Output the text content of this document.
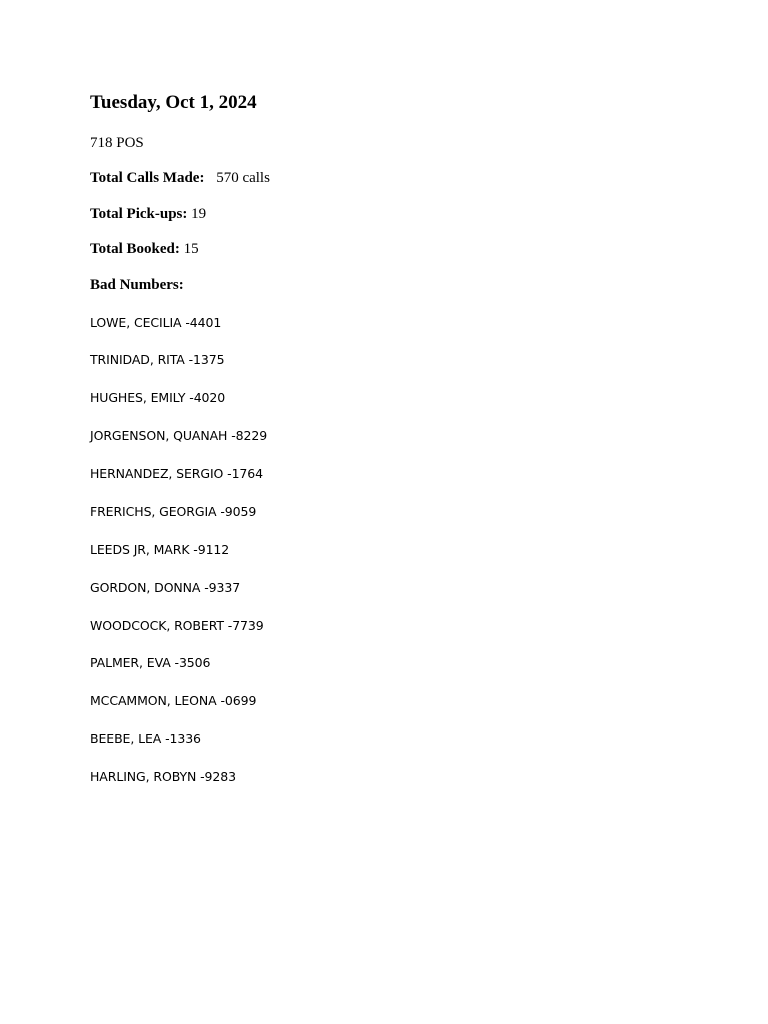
Tuesday, Oct 1, 2024
718 POS
Total Calls Made: 570 calls
Total Pick-ups: 19
Total Booked: 15
Bad Numbers:
LOWE, CECILIA -4401
TRINIDAD, RITA -1375
HUGHES, EMILY -4020
JORGENSON, QUANAH -8229
HERNANDEZ, SERGIO -1764
FRERICHS, GEORGIA -9059
LEEDS JR, MARK -9112
GORDON, DONNA -9337
WOODCOCK, ROBERT -7739
PALMER, EVA -3506
MCCAMMON, LEONA -0699
BEEBE, LEA -1336
HARLING, ROBYN -9283
